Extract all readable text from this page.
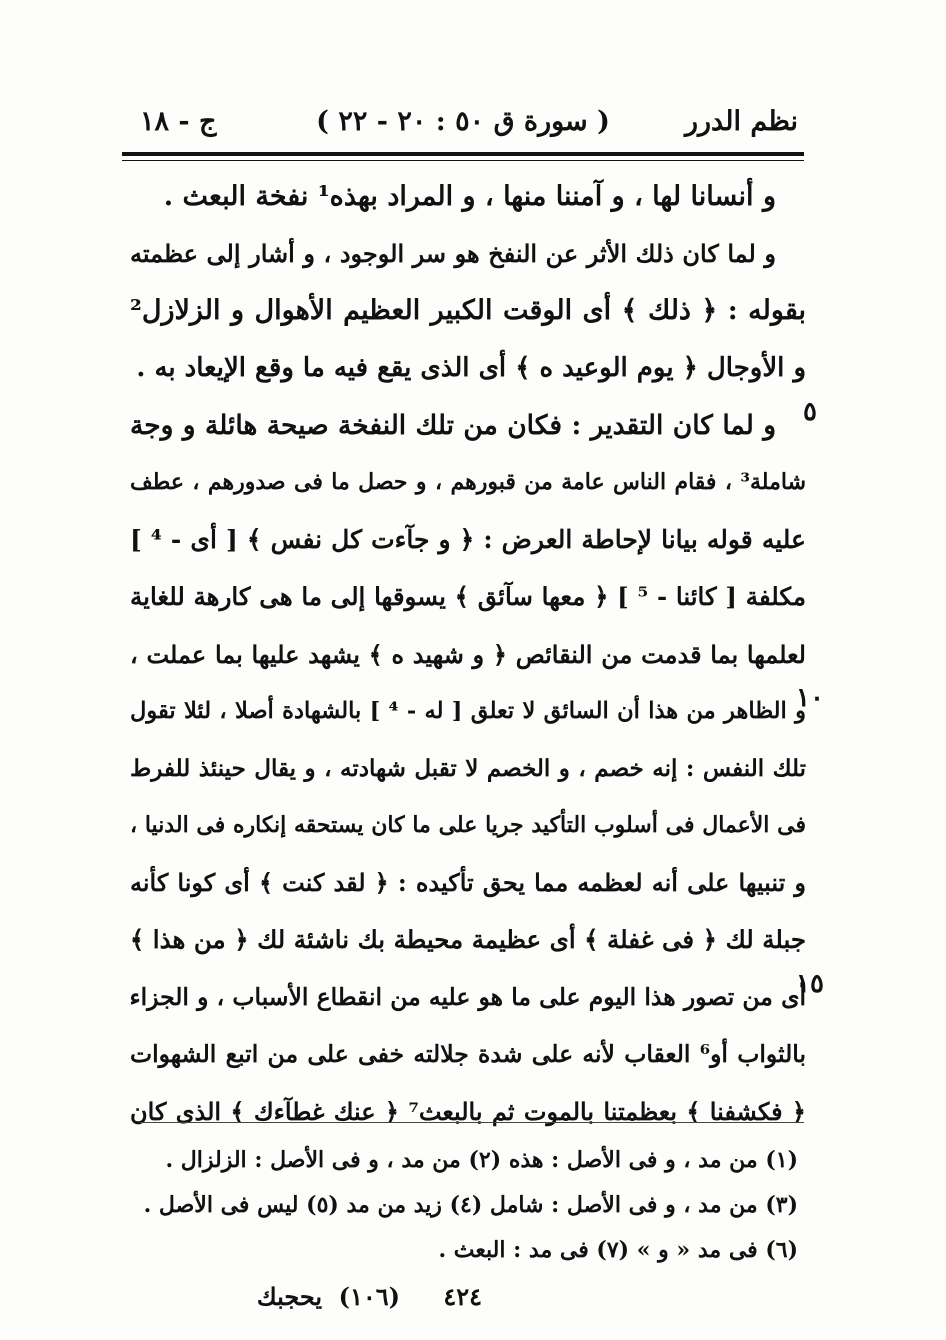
نظم الدرر
( سورة ق ٥٠ : ٢٠ - ٢٢ )
ج - ١٨
و أنسانا لها ، و آمننا منها ، و المراد بهذه¹ نفخة البعث .
و لما كان ذلك الأثر عن النفخ هو سر الوجود ، و أشار إلى عظمته
بقوله : ﴿ ذلك ﴾ أى الوقت الكبير العظيم الأهوال و الزلازل²
و الأوجال ﴿ يوم الوعيد ه ﴾ أى الذى يقع فيه ما وقع الإيعاد به .
و لما كان التقدير : فكان من تلك النفخة صيحة هائلة و وجة
شاملة³ ، فقام الناس عامة من قبورهم ، و حصل ما فى صدورهم ، عطف
عليه قوله بيانا لإحاطة العرض : ﴿ و جآءت كل نفس ﴾ [ أى - ⁴ ]
مكلفة [ كائنا - ⁵ ] ﴿ معها سآئق ﴾ يسوقها إلى ما هى كارهة للغاية
لعلمها بما قدمت من النقائص ﴿ و شهيد ه ﴾ يشهد عليها بما عملت ،
و الظاهر من هذا أن السائق لا تعلق [ له - ⁴ ] بالشهادة أصلا ، لئلا تقول
تلك النفس : إنه خصم ، و الخصم لا تقبل شهادته ، و يقال حينئذ للفرط
فى الأعمال فى أسلوب التأكيد جريا على ما كان يستحقه إنكاره فى الدنيا ،
و تنبيها على أنه لعظمه مما يحق تأكيده : ﴿ لقد كنت ﴾ أى كونا كأنه
جبلة لك ﴿ فى غفلة ﴾ أى عظيمة محيطة بك ناشئة لك ﴿ من هذا ﴾
أى من تصور هذا اليوم على ما هو عليه من انقطاع الأسباب ، و الجزاء
بالثواب أو⁶ العقاب لأنه على شدة جلالته خفى على من اتبع الشهوات
﴿ فكشفنا ﴾ بعظمتنا بالموت ثم بالبعث⁷ ﴿ عنك غطآءك ﴾ الذى كان
٥
١٠
١٥
(١) من مد ، و فى الأصل : هذه (٢) من مد ، و فى الأصل : الزلزال .
(٣) من مد ، و فى الأصل : شامل (٤) زيد من مد (٥) ليس فى الأصل .
(٦) فى مد « و » (٧) فى مد : البعث .
٤٢٤
(١٠٦)
يحجبك
